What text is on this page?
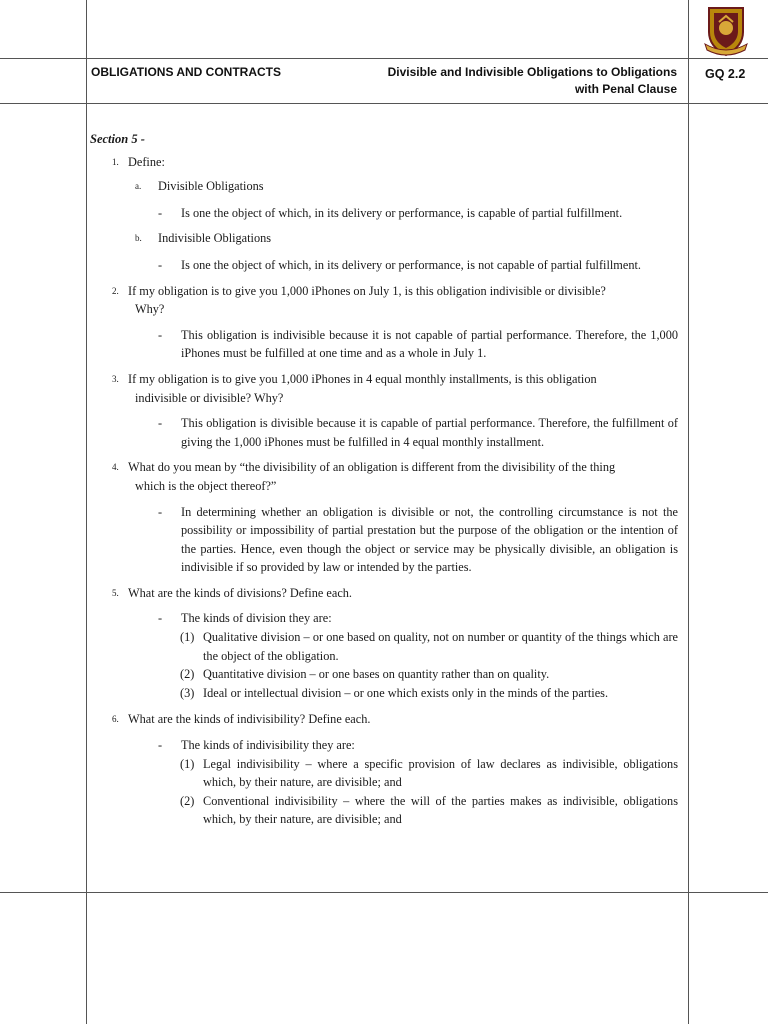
OBLIGATIONS AND CONTRACTS	Divisible and Indivisible Obligations to Obligations
with Penal Clause
GQ 2.2
Section 5 -
1. Define:
a. Divisible Obligations
- Is one the object of which, in its delivery or performance, is capable of partial fulfillment.
b. Indivisible Obligations
- Is one the object of which, in its delivery or performance, is not capable of partial fulfillment.
2. If my obligation is to give you 1,000 iPhones on July 1, is this obligation indivisible or divisible?
Why?
- This obligation is indivisible because it is not capable of partial performance. Therefore, the 1,000 iPhones must be fulfilled at one time and as a whole in July 1.
3. If my obligation is to give you 1,000 iPhones in 4 equal monthly installments, is this obligation
indivisible or divisible? Why?
- This obligation is divisible because it is capable of partial performance. Therefore, the fulfillment of giving the 1,000 iPhones must be fulfilled in 4 equal monthly installment.
4. What do you mean by “the divisibility of an obligation is different from the divisibility of the thing
which is the object thereof?”
- In determining whether an obligation is divisible or not, the controlling circumstance is not the possibility or impossibility of partial prestation but the purpose of the obligation or the intention of the parties. Hence, even though the object or service may be physically divisible, an obligation is indivisible if so provided by law or intended by the parties.
5. What are the kinds of divisions? Define each.
- The kinds of division they are:
(1) Qualitative division – or one based on quality, not on number or quantity of the things which are the object of the obligation.
(2) Quantitative division – or one bases on quantity rather than on quality.
(3) Ideal or intellectual division – or one which exists only in the minds of the parties.
6. What are the kinds of indivisibility? Define each.
- The kinds of indivisibility they are:
(1) Legal indivisibility – where a specific provision of law declares as indivisible, obligations which, by their nature, are divisible; and
(2) Conventional indivisibility – where the will of the parties makes as indivisible, obligations which, by their nature, are divisible; and
